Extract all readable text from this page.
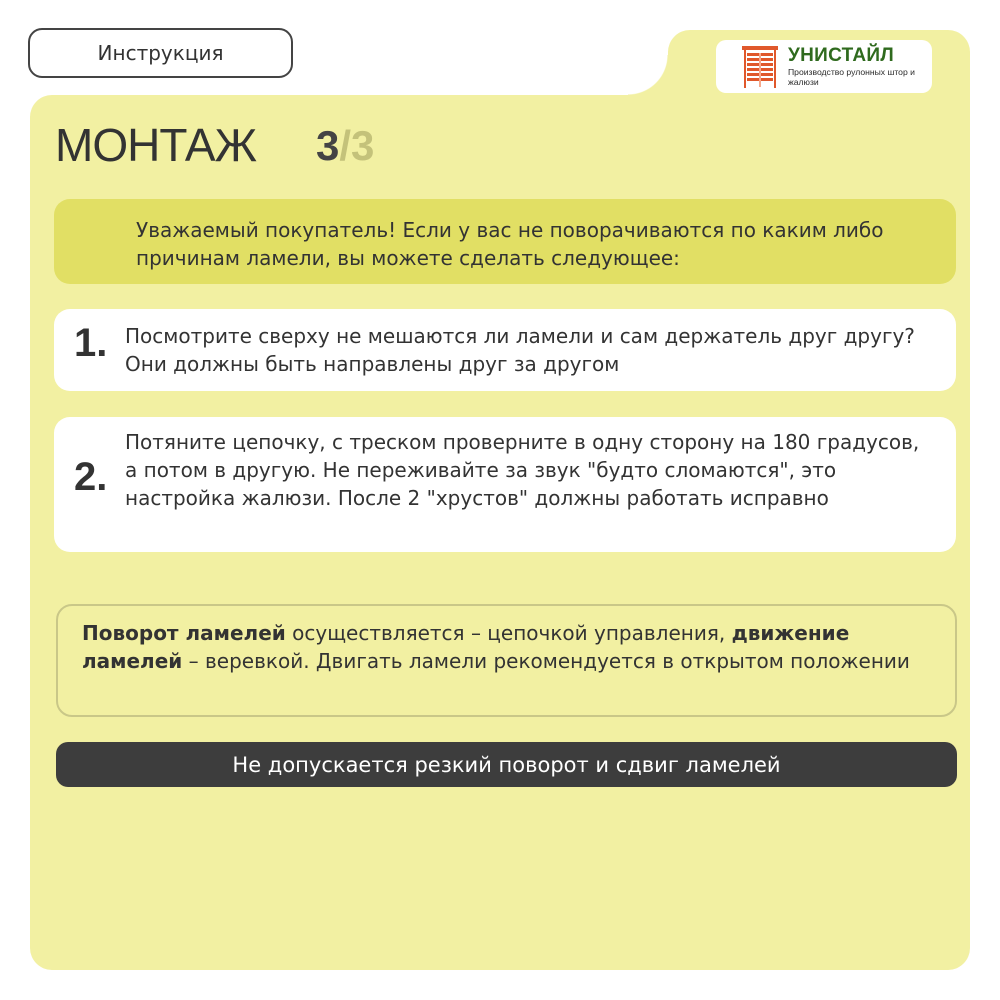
Инструкция	УНИСТАЙЛ
Производство рулонных штор и жалюзи
МОНТАЖ 3/3
Уважаемый покупатель! Если у вас не поворачиваются по каким либо причинам ламели, вы можете сделать следующее:
1. Посмотрите сверху не мешаются ли ламели и сам держатель друг другу? Они должны быть направлены друг за другом
2.
Потяните цепочку, с треском проверните в одну сторону на 180 градусов, а потом в другую. Не переживайте за звук "будто сломаются", это настройка жалюзи. После 2 "хрустов" должны работать исправно
Поворот ламелей осуществляется – цепочкой управления, движение ламелей – веревкой. Двигать ламели рекомендуется в открытом положении
Не допускается резкий поворот и сдвиг ламелей
